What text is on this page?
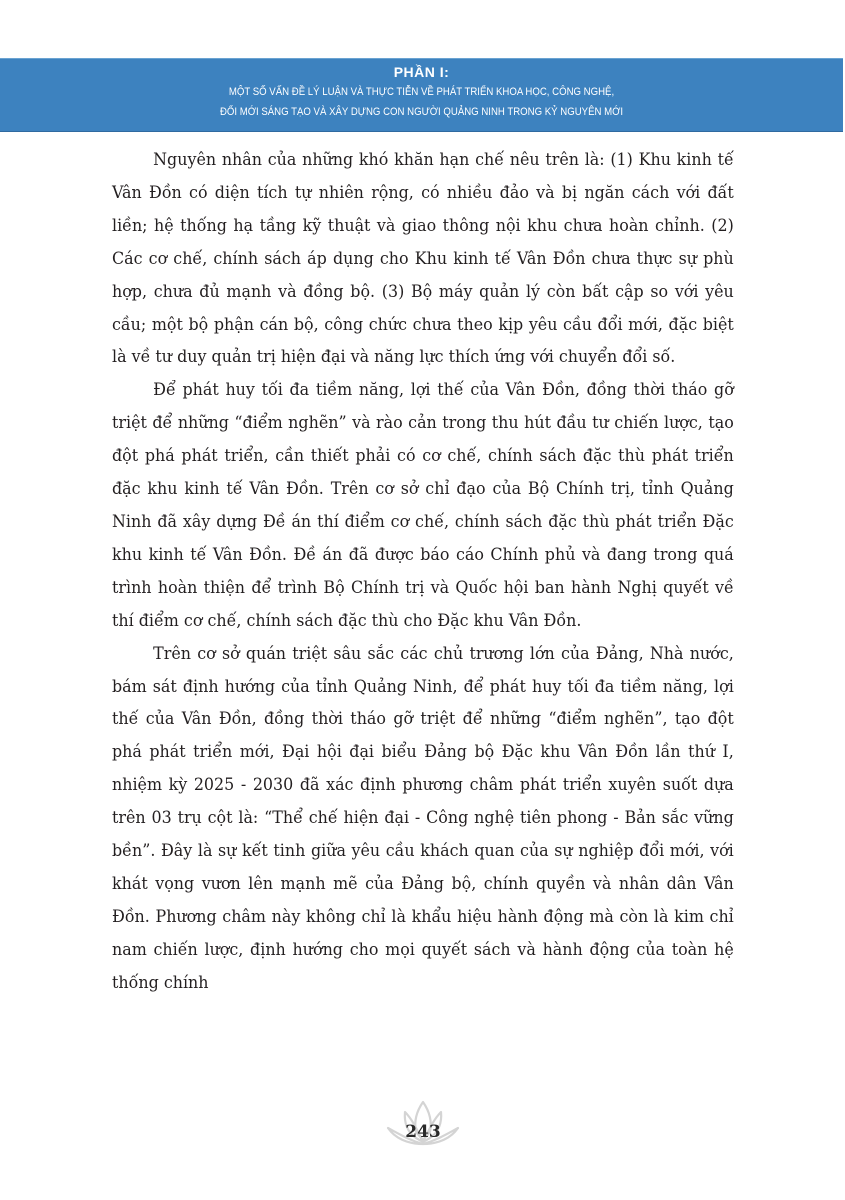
PHẦN I:
MỘT SỐ VẤN ĐỀ LÝ LUẬN VÀ THỰC TIỄN VỀ PHÁT TRIỂN KHOA HỌC, CÔNG NGHỆ,
ĐỔI MỚI SÁNG TẠO VÀ XÂY DỰNG CON NGƯỜI QUẢNG NINH TRONG KỶ NGUYÊN MỚI

Nguyên nhân của những khó khăn hạn chế nêu trên là: (1) Khu kinh tế Vân Đồn có diện tích tự nhiên rộng, có nhiều đảo và bị ngăn cách với đất liền; hệ thống hạ tầng kỹ thuật và giao thông nội khu chưa hoàn chỉnh. (2) Các cơ chế, chính sách áp dụng cho Khu kinh tế Vân Đồn chưa thực sự phù hợp, chưa đủ mạnh và đồng bộ. (3) Bộ máy quản lý còn bất cập so với yêu cầu; một bộ phận cán bộ, công chức chưa theo kịp yêu cầu đổi mới, đặc biệt là về tư duy quản trị hiện đại và năng lực thích ứng với chuyển đổi số.

Để phát huy tối đa tiềm năng, lợi thế của Vân Đồn, đồng thời tháo gỡ triệt để những “điểm nghẽn” và rào cản trong thu hút đầu tư chiến lược, tạo đột phá phát triển, cần thiết phải có cơ chế, chính sách đặc thù phát triển đặc khu kinh tế Vân Đồn. Trên cơ sở chỉ đạo của Bộ Chính trị, tỉnh Quảng Ninh đã xây dựng Đề án thí điểm cơ chế, chính sách đặc thù phát triển Đặc khu kinh tế Vân Đồn. Đề án đã được báo cáo Chính phủ và đang trong quá trình hoàn thiện để trình Bộ Chính trị và Quốc hội ban hành Nghị quyết về thí điểm cơ chế, chính sách đặc thù cho Đặc khu Vân Đồn.

Trên cơ sở quán triệt sâu sắc các chủ trương lớn của Đảng, Nhà nước, bám sát định hướng của tỉnh Quảng Ninh, để phát huy tối đa tiềm năng, lợi thế của Vân Đồn, đồng thời tháo gỡ triệt để những “điểm nghẽn”, tạo đột phá phát triển mới, Đại hội đại biểu Đảng bộ Đặc khu Vân Đồn lần thứ I, nhiệm kỳ 2025 - 2030 đã xác định phương châm phát triển xuyên suốt dựa trên 03 trụ cột là: “Thể chế hiện đại - Công nghệ tiên phong - Bản sắc vững bền”. Đây là sự kết tinh giữa yêu cầu khách quan của sự nghiệp đổi mới, với khát vọng vươn lên mạnh mẽ của Đảng bộ, chính quyền và nhân dân Vân Đồn. Phương châm này không chỉ là khẩu hiệu hành động mà còn là kim chỉ nam chiến lược, định hướng cho mọi quyết sách và hành động của toàn hệ thống chính

243
